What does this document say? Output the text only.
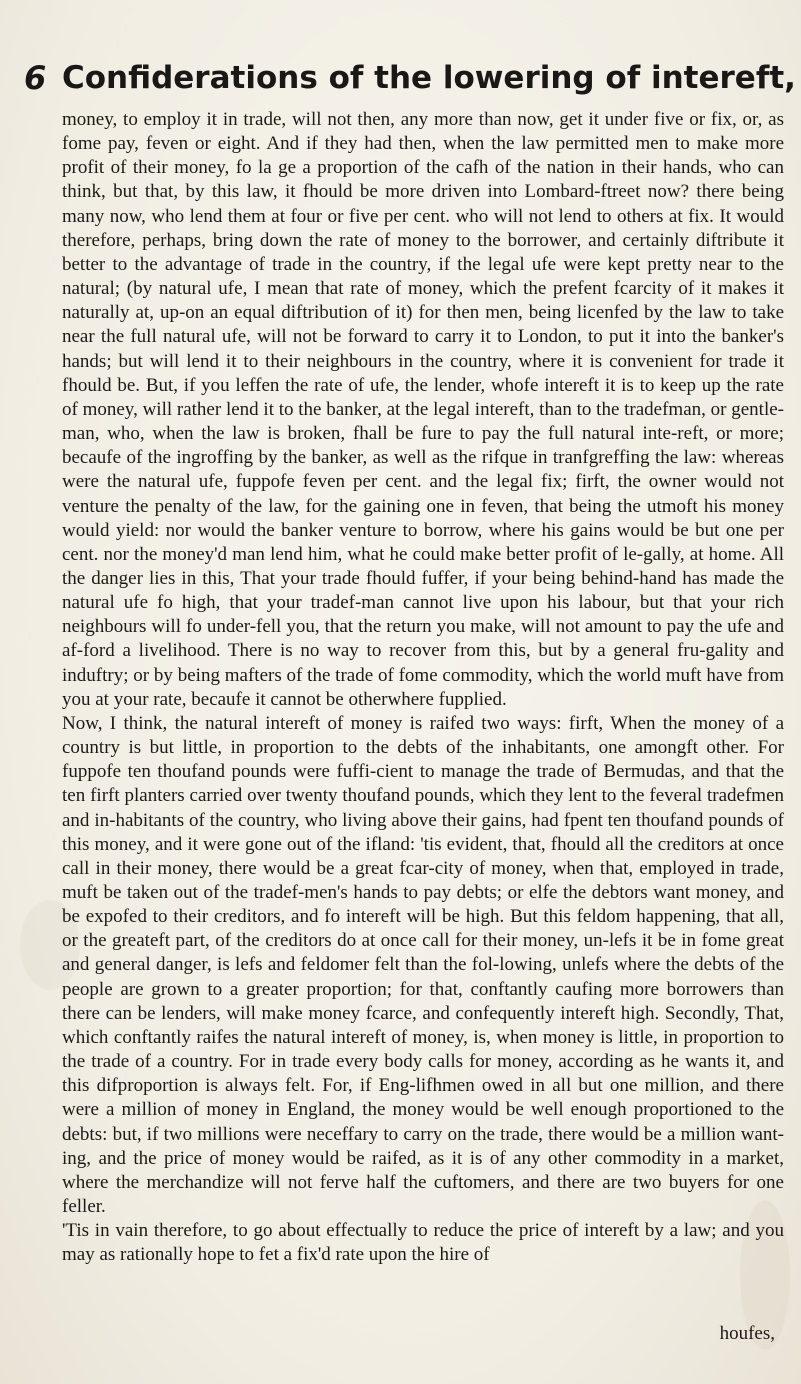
6 Confiderations of the lowering of intereft,

money, to employ it in trade, will not then, any more than now, get it under five or fix, or, as fome pay, feven or eight. And if they had then, when the law permitted men to make more profit of their money, fo la ge a proportion of the cafh of the nation in their hands, who can think, but that, by this law, it fhould be more driven into Lombard-ftreet now? there being many now, who lend them at four or five per cent. who will not lend to others at fix. It would therefore, perhaps, bring down the rate of money to the borrower, and certainly diftribute it better to the advantage of trade in the country, if the legal ufe were kept pretty near to the natural; (by natural ufe, I mean that rate of money, which the prefent fcarcity of it makes it naturally at, up-on an equal diftribution of it) for then men, being licenfed by the law to take near the full natural ufe, will not be forward to carry it to London, to put it into the banker's hands; but will lend it to their neighbours in the country, where it is convenient for trade it fhould be. But, if you leffen the rate of ufe, the lender, whofe intereft it is to keep up the rate of money, will rather lend it to the banker, at the legal intereft, than to the tradefman, or gentle-man, who, when the law is broken, fhall be fure to pay the full natural inte-reft, or more; becaufe of the ingroffing by the banker, as well as the rifque in tranfgreffing the law: whereas were the natural ufe, fuppofe feven per cent. and the legal fix; firft, the owner would not venture the penalty of the law, for the gaining one in feven, that being the utmoft his money would yield: nor would the banker venture to borrow, where his gains would be but one per cent. nor the money'd man lend him, what he could make better profit of le-gally, at home. All the danger lies in this, That your trade fhould fuffer, if your being behind-hand has made the natural ufe fo high, that your tradef-man cannot live upon his labour, but that your rich neighbours will fo under-fell you, that the return you make, will not amount to pay the ufe and af-ford a livelihood. There is no way to recover from this, but by a general fru-gality and induftry; or by being mafters of the trade of fome commodity, which the world muft have from you at your rate, becaufe it cannot be otherwhere fupplied.

Now, I think, the natural intereft of money is raifed two ways: firft, When the money of a country is but little, in proportion to the debts of the inhabitants, one amongft other. For fuppofe ten thoufand pounds were fuffi-cient to manage the trade of Bermudas, and that the ten firft planters carried over twenty thoufand pounds, which they lent to the feveral tradefmen and in-habitants of the country, who living above their gains, had fpent ten thoufand pounds of this money, and it were gone out of the ifland: 'tis evident, that, fhould all the creditors at once call in their money, there would be a great fcar-city of money, when that, employed in trade, muft be taken out of the tradef-men's hands to pay debts; or elfe the debtors want money, and be expofed to their creditors, and fo intereft will be high. But this feldom happening, that all, or the greateft part, of the creditors do at once call for their money, un-lefs it be in fome great and general danger, is lefs and feldomer felt than the fol-lowing, unlefs where the debts of the people are grown to a greater proportion; for that, conftantly caufing more borrowers than there can be lenders, will make money fcarce, and confequently intereft high. Secondly, That, which conftantly raifes the natural intereft of money, is, when money is little, in proportion to the trade of a country. For in trade every body calls for money, according as he wants it, and this difproportion is always felt. For, if Eng-lifhmen owed in all but one million, and there were a million of money in England, the money would be well enough proportioned to the debts: but, if two millions were neceffary to carry on the trade, there would be a million want-ing, and the price of money would be raifed, as it is of any other commodity in a market, where the merchandize will not ferve half the cuftomers, and there are two buyers for one feller.

'Tis in vain therefore, to go about effectually to reduce the price of intereft by a law; and you may as rationally hope to fet a fix'd rate upon the hire of

houfes,
